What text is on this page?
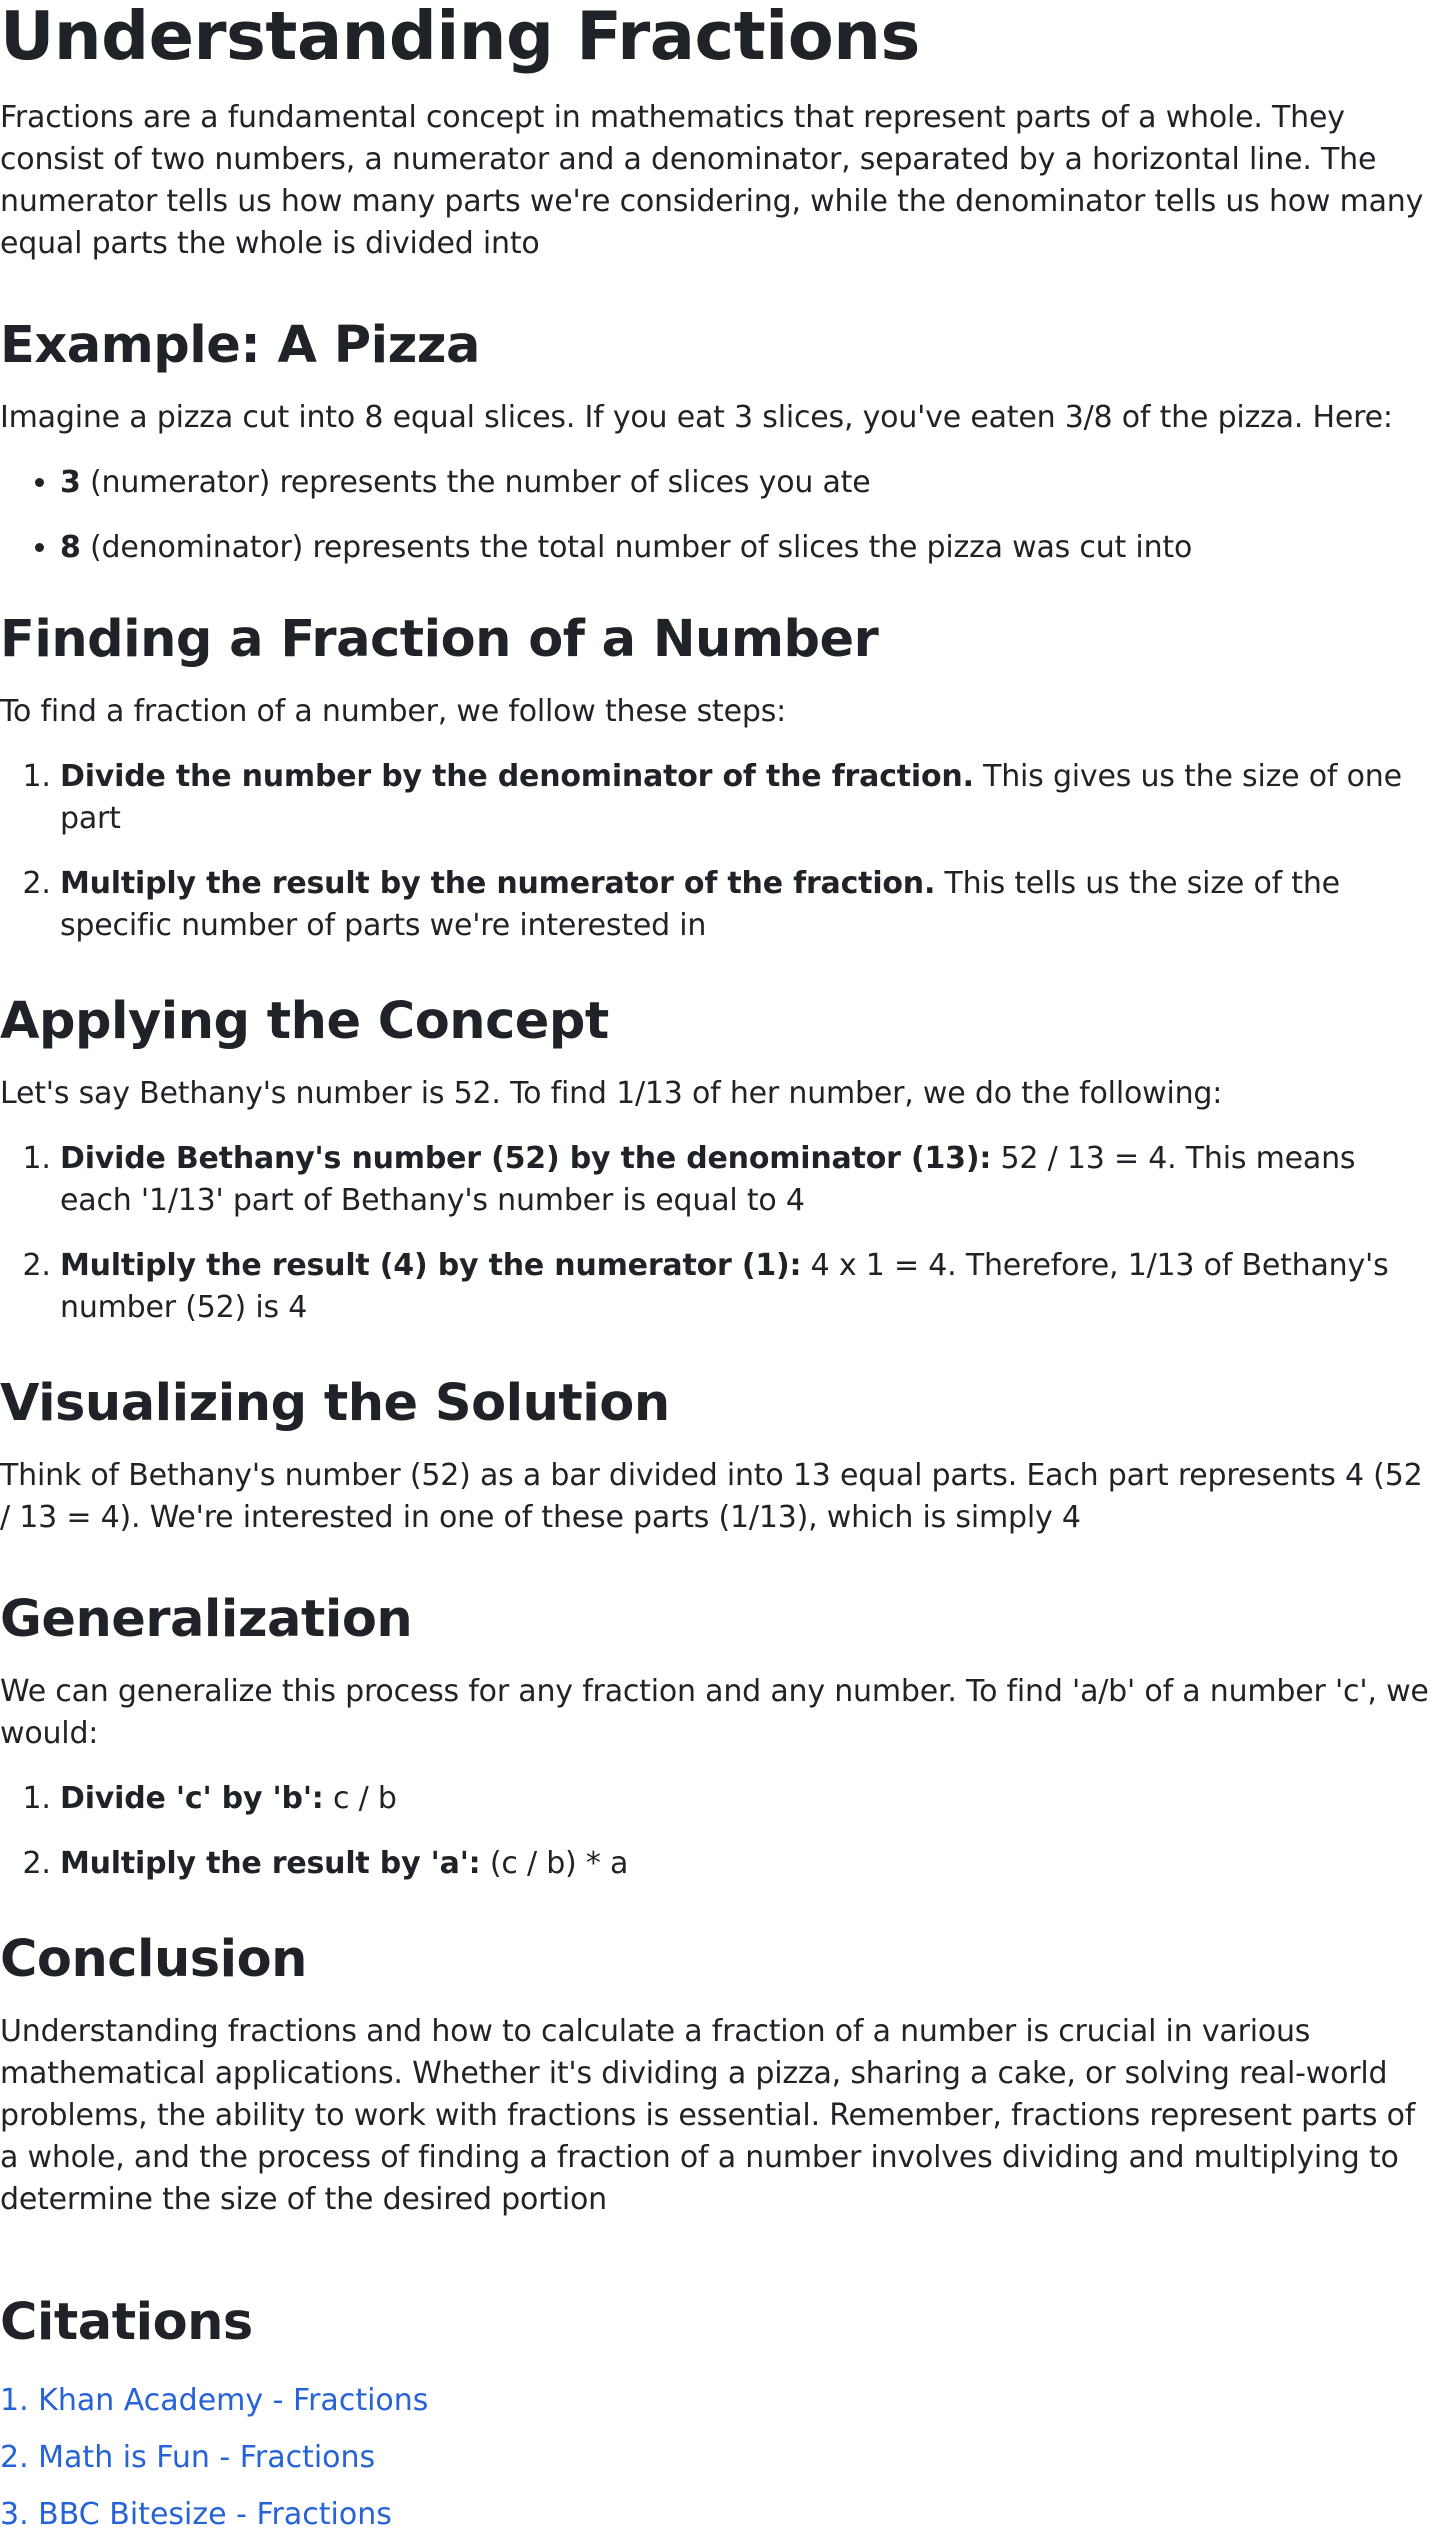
Understanding Fractions

Fractions are a fundamental concept in mathematics that represent parts of a whole. They consist of two numbers, a numerator and a denominator, separated by a horizontal line. The numerator tells us how many parts we're considering, while the denominator tells us how many equal parts the whole is divided into

Example: A Pizza

Imagine a pizza cut into 8 equal slices. If you eat 3 slices, you've eaten 3/8 of the pizza. Here:

• 3 (numerator) represents the number of slices you ate
• 8 (denominator) represents the total number of slices the pizza was cut into
Finding a Fraction of a Number

To find a fraction of a number, we follow these steps:

1. Divide the number by the denominator of the fraction. This gives us the size of one part
2. Multiply the result by the numerator of the fraction. This tells us the size of the specific number of parts we're interested in
Applying the Concept

Let's say Bethany's number is 52. To find 1/13 of her number, we do the following:

1. Divide Bethany's number (52) by the denominator (13): 52 / 13 = 4. This means each '1/13' part of Bethany's number is equal to 4
2. Multiply the result (4) by the numerator (1): 4 x 1 = 4. Therefore, 1/13 of Bethany's number (52) is 4
Visualizing the Solution

Think of Bethany's number (52) as a bar divided into 13 equal parts. Each part represents 4 (52 / 13 = 4). We're interested in one of these parts (1/13), which is simply 4

Generalization

We can generalize this process for any fraction and any number. To find 'a/b' of a number 'c', we would:

1. Divide 'c' by 'b': c / b
2. Multiply the result by 'a': (c / b) * a
Conclusion

Understanding fractions and how to calculate a fraction of a number is crucial in various mathematical applications. Whether it's dividing a pizza, sharing a cake, or solving real-world problems, the ability to work with fractions is essential. Remember, fractions represent parts of a whole, and the process of finding a fraction of a number involves dividing and multiplying to determine the size of the desired portion

Citations
1. Khan Academy - Fractions
2. Math is Fun - Fractions
3. BBC Bitesize - Fractions
